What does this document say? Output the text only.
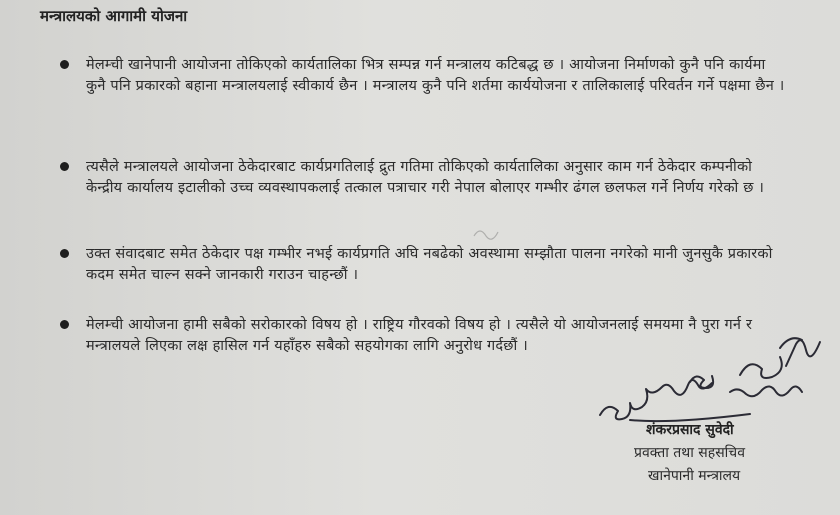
मन्त्रालयको आगामी योजना
मेलम्ची खानेपानी आयोजना तोकिएको कार्यतालिका भित्र सम्पन्न गर्न मन्त्रालय कटिबद्ध छ । आयोजना निर्माणको कुनै पनि कार्यमा कुनै पनि प्रकारको बहाना मन्त्रालयलाई स्वीकार्य छैन । मन्त्रालय कुनै पनि शर्तमा कार्ययोजना र तालिकालाई परिवर्तन गर्ने पक्षमा छैन ।
त्यसैले मन्त्रालयले आयोजना ठेकेदारबाट कार्यप्रगतिलाई द्रुत गतिमा तोकिएको कार्यतालिका अनुसार काम गर्न ठेकेदार कम्पनीको केन्द्रीय कार्यालय इटालीको उच्च व्यवस्थापकलाई तत्काल पत्राचार गरी नेपाल बोलाएर गम्भीर ढंगल छलफल गर्ने निर्णय गरेको छ ।
उक्त संवादबाट समेत ठेकेदार पक्ष गम्भीर नभई कार्यप्रगति अघि नबढेको अवस्थामा सम्झौता पालना नगरेको मानी जुनसुकै प्रकारको कदम समेत चाल्न सक्ने जानकारी गराउन चाहन्छौं ।
मेलम्ची आयोजना हामी सबैको सरोकारको विषय हो । राष्ट्रिय गौरवको विषय हो । त्यसैले यो आयोजनलाई समयमा नै पुरा गर्न र मन्त्रालयले लिएका लक्ष हासिल गर्न यहाँहरु सबैको सहयोगका लागि अनुरोध गर्दछौं ।
शंकरप्रसाद सुवेदी
प्रवक्ता तथा सहसचिव
खानेपानी मन्त्रालय
